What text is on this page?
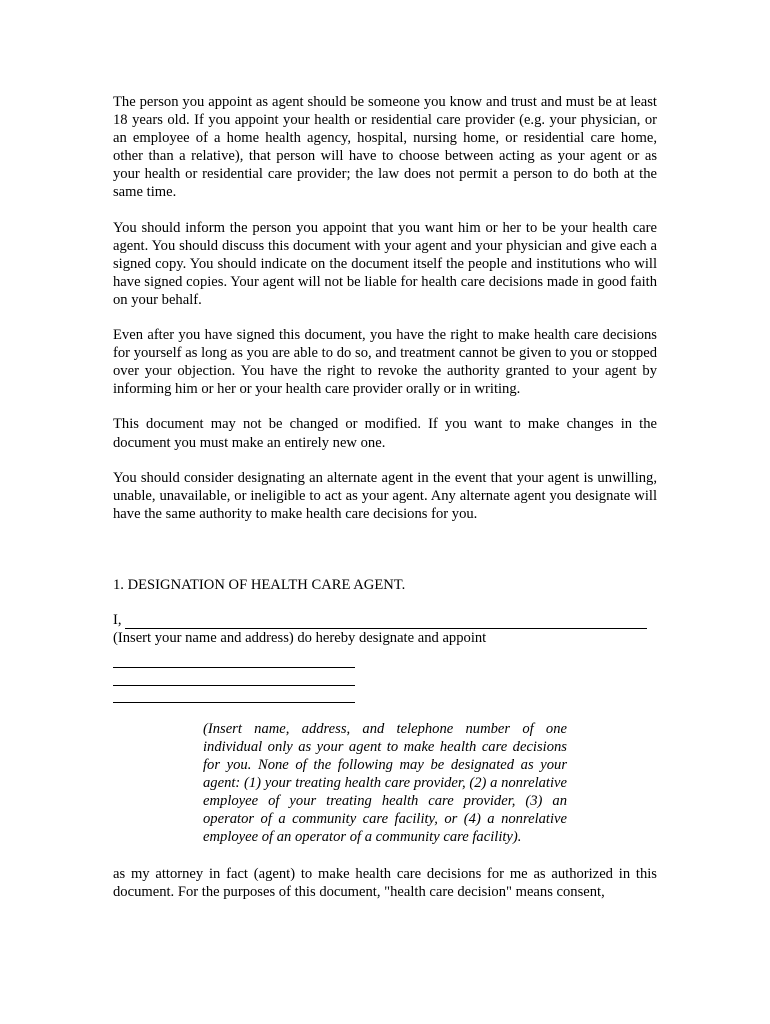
The person you appoint as agent should be someone you know and trust and must be at least 18 years old. If you appoint your health or residential care provider (e.g. your physician, or an employee of a home health agency, hospital, nursing home, or residential care home, other than a relative), that person will have to choose between acting as your agent or as your health or residential care provider; the law does not permit a person to do both at the same time.

You should inform the person you appoint that you want him or her to be your health care agent. You should discuss this document with your agent and your physician and give each a signed copy. You should indicate on the document itself the people and institutions who will have signed copies. Your agent will not be liable for health care decisions made in good faith on your behalf.

Even after you have signed this document, you have the right to make health care decisions for yourself as long as you are able to do so, and treatment cannot be given to you or stopped over your objection. You have the right to revoke the authority granted to your agent by informing him or her or your health care provider orally or in writing.

This document may not be changed or modified. If you want to make changes in the document you must make an entirely new one.

You should consider designating an alternate agent in the event that your agent is unwilling, unable, unavailable, or ineligible to act as your agent. Any alternate agent you designate will have the same authority to make health care decisions for you.

1. DESIGNATION OF HEALTH CARE AGENT.
I,

(Insert your name and address) do hereby designate and appoint

(Insert name, address, and telephone number of one individual only as your agent to make health care decisions for you. None of the following may be designated as your agent: (1) your treating health care provider, (2) a nonrelative employee of your treating health care provider, (3) an operator of a community care facility, or (4) a nonrelative employee of an operator of a community care facility).

as my attorney in fact (agent) to make health care decisions for me as authorized in this document. For the purposes of this document, "health care decision" means consent,
